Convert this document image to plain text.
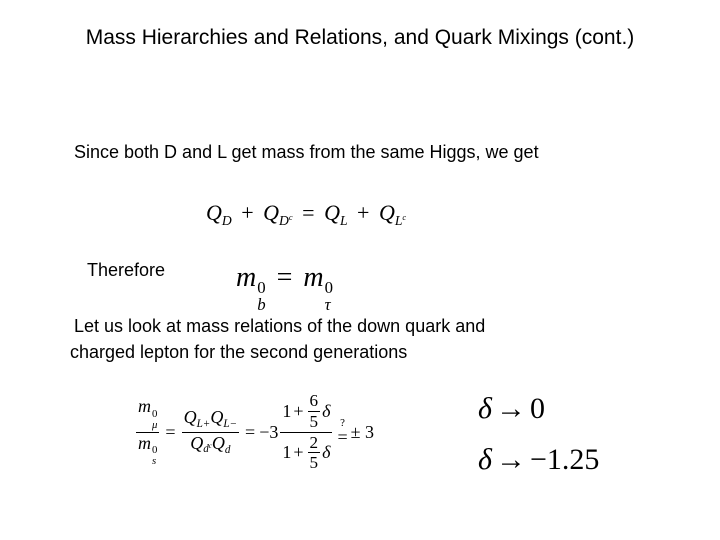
Mass Hierarchies and Relations, and Quark Mixings (cont.)
Since both D and L get mass from the same Higgs, we get
$Q_D + Q_{D^c} = Q_L + Q_{L^c}$
Therefore	m 0
b
= m 0
τ
Let us look at mass relations of the down quark and
charged lepton for the second generations
m 0
μ
m 0
$s = \frac{Q_{L+}Q_{L-}}{Q_{d^c}Q_d} = -3 \frac{1 + \frac{6}{5} \delta}{1 + \frac{2}{5} \delta}$ ?
= ± 3
δ → 0
δ → −1.25
